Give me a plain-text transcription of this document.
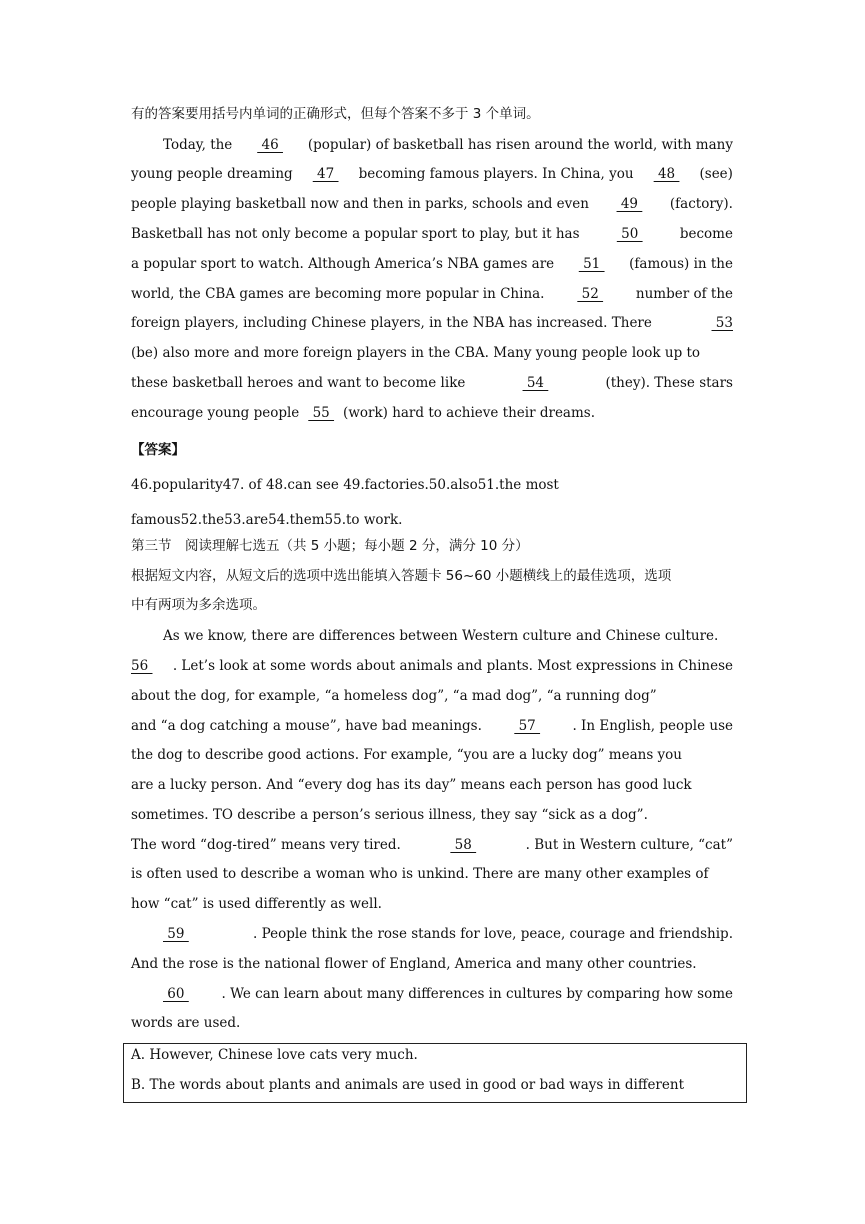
有的答案要用括号内单词的正确形式，但每个答案不多于 3 个单词。

Today, the 46 (popular) of basketball has risen around the world, with many

young people dreaming 47 becoming famous players. In China, you 48 (see)

people playing basketball now and then in parks, schools and even 49 (factory).

Basketball has not only become a popular sport to play, but it has	50	become

a popular sport to watch. Although America’s NBA games are 51 (famous) in the

world, the CBA games are becoming more popular in China. 52 number of the

foreign players, including Chinese players, in the NBA has increased. There	53

(be) also more and more foreign players in the CBA. Many young people look up to

these basketball heroes and want to become like	54	(they). These stars

encourage young people 55 (work) hard to achieve their dreams.

【答案】

46.popularity47. of 48.can see 49.factories.50.also51.the most

famous52.the53.are54.them55.to work.

第三节　阅读理解七选五（共 5 小题；每小题 2 分，满分 10 分）

根据短文内容，从短文后的选项中选出能填入答题卡 56~60 小题横线上的最佳选项，选项

中有两项为多余选项。

As we know, there are differences between Western culture and Chinese culture.

56 . Let’s look at some words about animals and plants. Most expressions in Chinese

about the dog, for example, “a homeless dog”, “a mad dog”, “a running dog”

and “a dog catching a mouse”, have bad meanings. 57 . In English, people use

the dog to describe good actions. For example, “you are a lucky dog” means you

are a lucky person. And “every dog has its day” means each person has good luck

sometimes. TO describe a person’s serious illness, they say “sick as a dog”.

The word “dog-tired” means very tired.	58	. But in Western culture, “cat”

is often used to describe a woman who is unkind. There are many other examples of

how “cat” is used differently as well.

59	. People think the rose stands for love, peace, courage and friendship.

And the rose is the national flower of England, America and many other countries.

60 . We can learn about many differences in cultures by comparing how some

words are used.

A. However, Chinese love cats very much.

B. The words about plants and animals are used in good or bad ways in different
